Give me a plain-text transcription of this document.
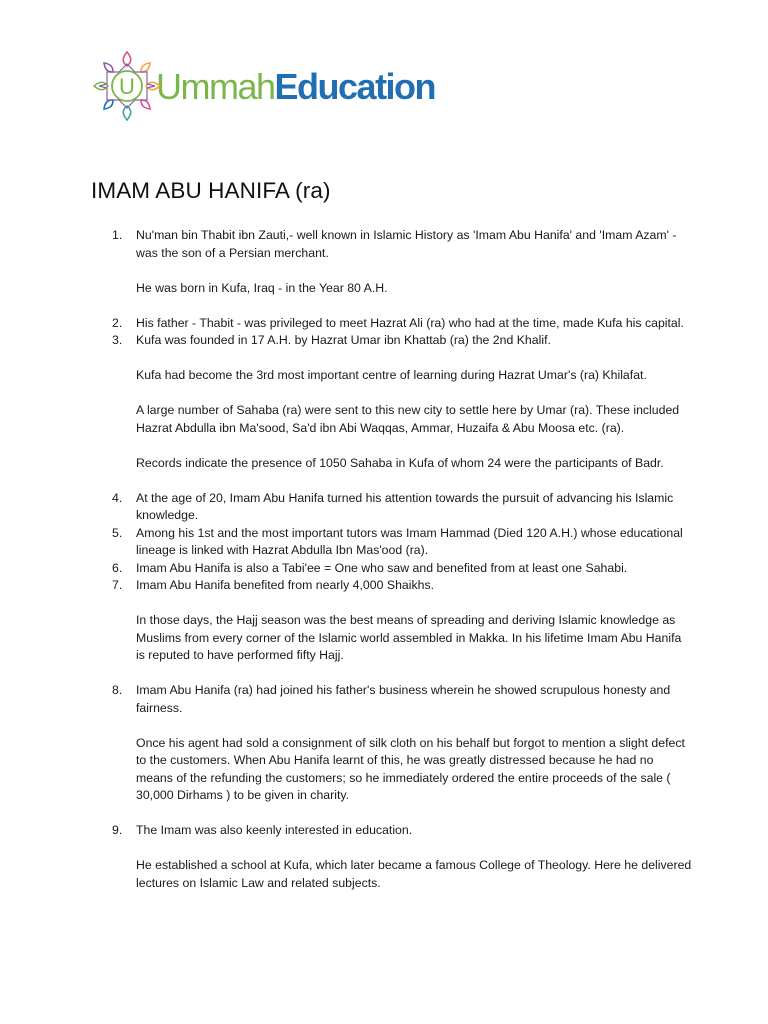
U UmmahEducation
IMAM ABU HANIFA (ra)
1. Nu'man bin Thabit ibn Zauti,- well known in Islamic History as 'Imam Abu Hanifa' and 'Imam Azam' - was the son of a Persian merchant.

He was born in Kufa, Iraq - in the Year 80 A.H.

2. His father - Thabit - was privileged to meet Hazrat Ali (ra) who had at the time, made Kufa his capital.

3. Kufa was founded in 17 A.H. by Hazrat Umar ibn Khattab (ra) the 2nd Khalif.

Kufa had become the 3rd most important centre of learning during Hazrat Umar's (ra) Khilafat.

A large number of Sahaba (ra) were sent to this new city to settle here by Umar (ra). These included Hazrat Abdulla ibn Ma'sood, Sa'd ibn Abi Waqqas, Ammar, Huzaifa & Abu Moosa etc. (ra).

Records indicate the presence of 1050 Sahaba in Kufa of whom 24 were the participants of Badr.

4. At the age of 20, Imam Abu Hanifa turned his attention towards the pursuit of advancing his Islamic knowledge.

5. Among his 1st and the most important tutors was Imam Hammad (Died 120 A.H.) whose educational lineage is linked with Hazrat Abdulla Ibn Mas'ood (ra).

6. Imam Abu Hanifa is also a Tabi'ee = One who saw and benefited from at least one Sahabi.

7. Imam Abu Hanifa benefited from nearly 4,000 Shaikhs.

In those days, the Hajj season was the best means of spreading and deriving Islamic knowledge as Muslims from every corner of the Islamic world assembled in Makka. In his lifetime Imam Abu Hanifa is reputed to have performed fifty Hajj.

8. Imam Abu Hanifa (ra) had joined his father's business wherein he showed scrupulous honesty and fairness.

Once his agent had sold a consignment of silk cloth on his behalf but forgot to mention a slight defect to the customers. When Abu Hanifa learnt of this, he was greatly distressed because he had no means of the refunding the customers; so he immediately ordered the entire proceeds of the sale ( 30,000 Dirhams ) to be given in charity.

9. The Imam was also keenly interested in education.

He established a school at Kufa, which later became a famous College of Theology. Here he delivered lectures on Islamic Law and related subjects.
